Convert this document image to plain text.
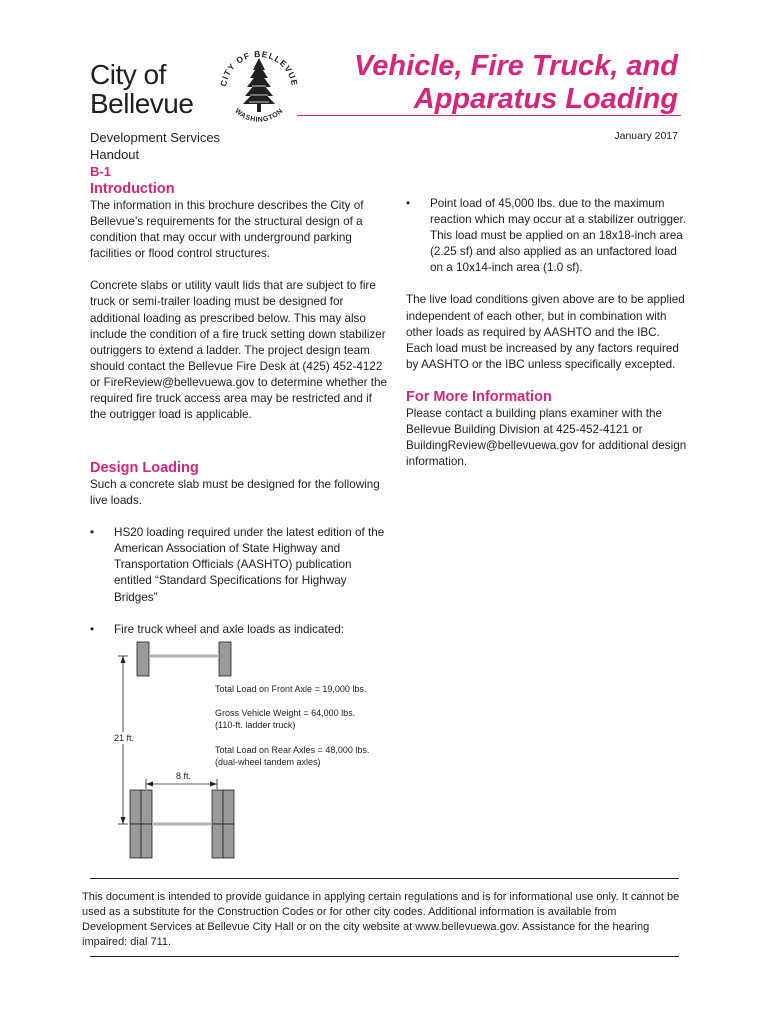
City of
Bellevue
CITY OF BELLEVUE
WASHINGTON
Vehicle, Fire Truck, and
Apparatus Loading
Development Services
Handout
B-1
January 2017
Introduction

The information in this brochure describes the City of Bellevue’s requirements for the structural design of a condition that may occur with underground parking facilities or flood control structures.

Concrete slabs or utility vault lids that are subject to fire truck or semi-trailer loading must be designed for additional loading as prescribed below. This may also include the condition of a fire truck setting down stabilizer outriggers to extend a ladder. The project design team should contact the Bellevue Fire Desk at (425) 452-4122 or FireReview@bellevuewa.gov to determine whether the required fire truck access area may be restricted and if the outrigger load is applicable.

Design Loading

Such a concrete slab must be designed for the following live loads.

• HS20 loading required under the latest edition of the American Association of State Highway and Transportation Officials (AASHTO) publication entitled “Standard Specifications for Highway Bridges”
• Fire truck wheel and axle loads as indicated:
21 ft.
8 ft.
Total Load on Front Axle = 19,000 lbs.
Gross Vehicle Weight = 64,000 lbs.
(110-ft. ladder truck)
Total Load on Rear Axles = 48,000 lbs.
(dual-wheel tandem axles)
• Point load of 45,000 lbs. due to the maximum reaction which may occur at a stabilizer outrigger. This load must be applied on an 18x18-inch area (2.25 sf) and also applied as an unfactored load on a 10x14-inch area (1.0 sf).

The live load conditions given above are to be applied independent of each other, but in combination with other loads as required by AASHTO and the IBC. Each load must be increased by any factors required by AASHTO or the IBC unless specifically excepted.

For More Information

Please contact a building plans examiner with the Bellevue Building Division at 425-452-4121 or BuildingReview@bellevuewa.gov for additional design information.

This document is intended to provide guidance in applying certain regulations and is for informational use only. It cannot be used as a substitute for the Construction Codes or for other city codes. Additional information is available from Development Services at Bellevue City Hall or on the city website at www.bellevuewa.gov. Assistance for the hearing impaired: dial 711.
